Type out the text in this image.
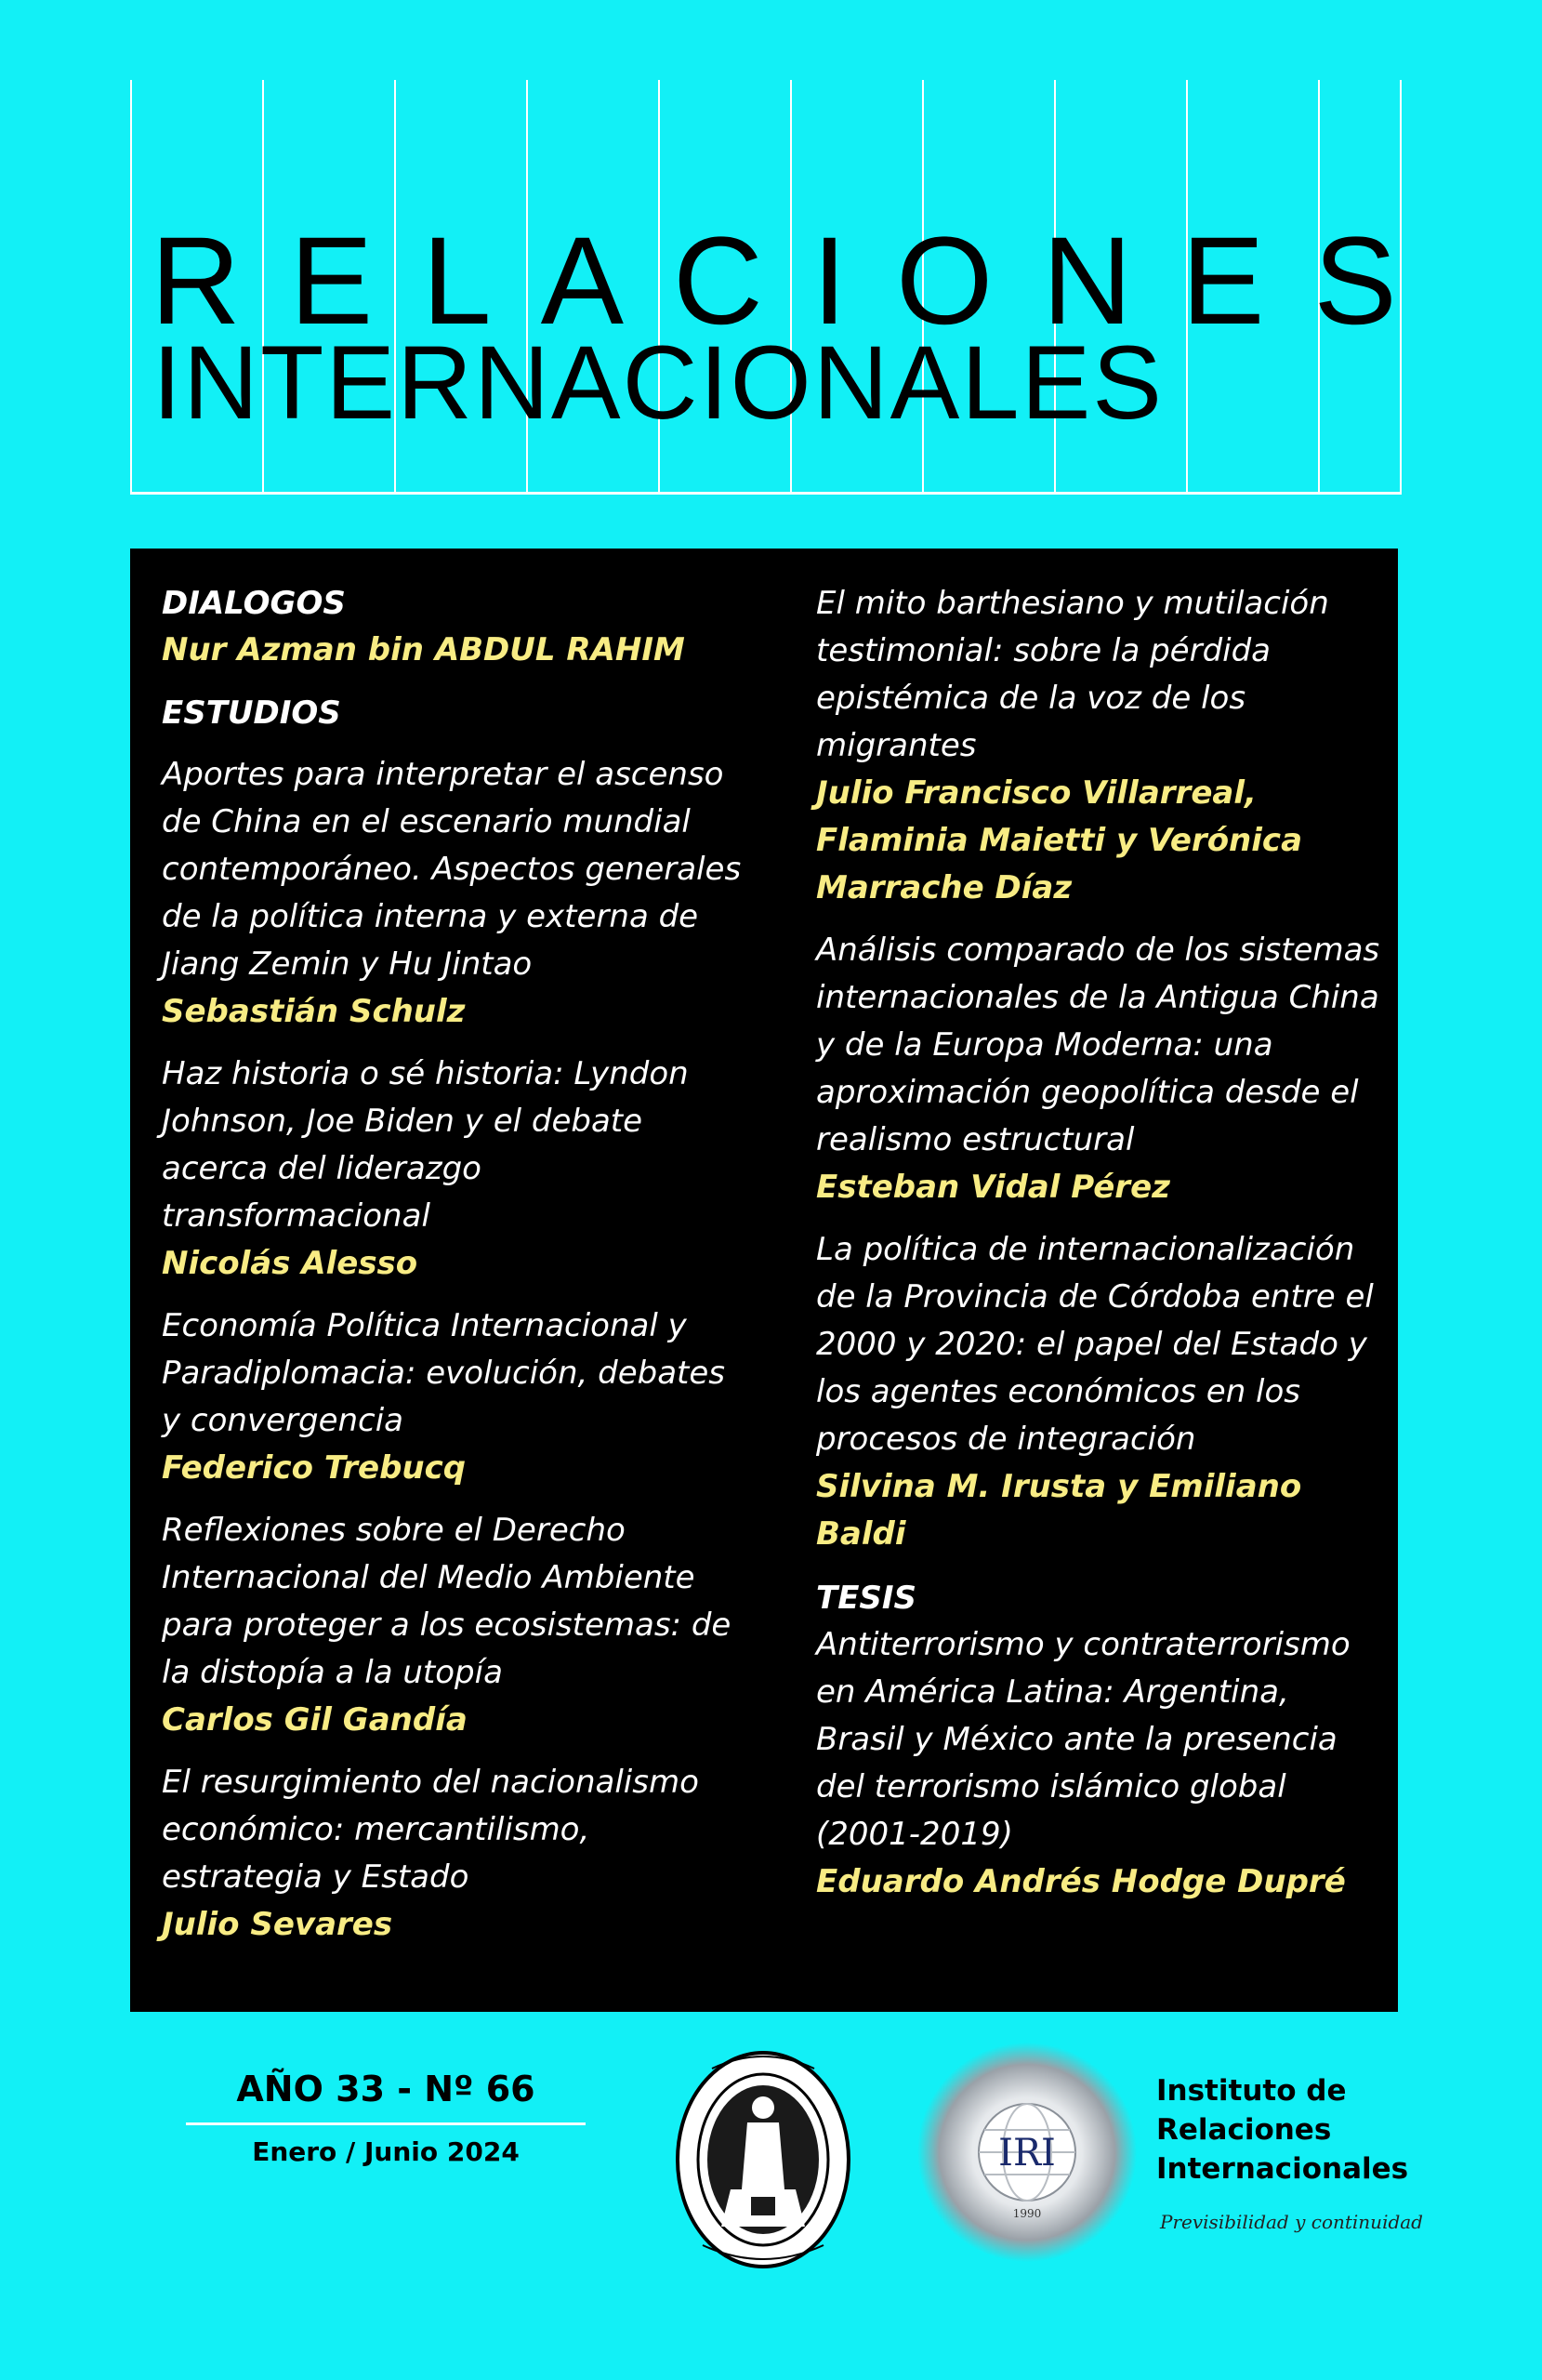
RELACIONES
INTERNACIONALES
DIALOGOS
Nur Azman bin ABDUL RAHIM
ESTUDIOS
Aportes para interpretar el ascenso de China en el escenario mundial contemporáneo. Aspectos generales de la política interna y externa de Jiang Zemin y Hu Jintao
Sebastián Schulz
Haz historia o sé historia: Lyndon Johnson, Joe Biden y el debate acerca del liderazgo transformacional
Nicolás Alesso
Economía Política Internacional y Paradiplomacia: evolución, debates y convergencia
Federico Trebucq
Reflexiones sobre el Derecho Internacional del Medio Ambiente para proteger a los ecosistemas: de la distopía a la utopía
Carlos Gil Gandía
El resurgimiento del nacionalismo económico: mercantilismo, estrategia y Estado
Julio Sevares
El mito barthesiano y mutilación testimonial: sobre la pérdida epistémica de la voz de los migrantes
Julio Francisco Villarreal, Flaminia Maietti y Verónica Marrache Díaz
Análisis comparado de los sistemas internacionales de la Antigua China y de la Europa Moderna: una aproximación geopolítica desde el realismo estructural
Esteban Vidal Pérez
La política de internacionalización de la Provincia de Córdoba entre el 2000 y 2020: el papel del Estado y los agentes económicos en los procesos de integración
Silvina M. Irusta y Emiliano Baldi
TESIS
Antiterrorismo y contraterrorismo en América Latina: Argentina, Brasil y México ante la presencia del terrorismo islámico global (2001-2019)
Eduardo Andrés Hodge Dupré
AÑO 33 - Nº 66
Enero / Junio 2024	IRI
1990
Instituto de
Relaciones
Internacionales
Previsibilidad y continuidad
